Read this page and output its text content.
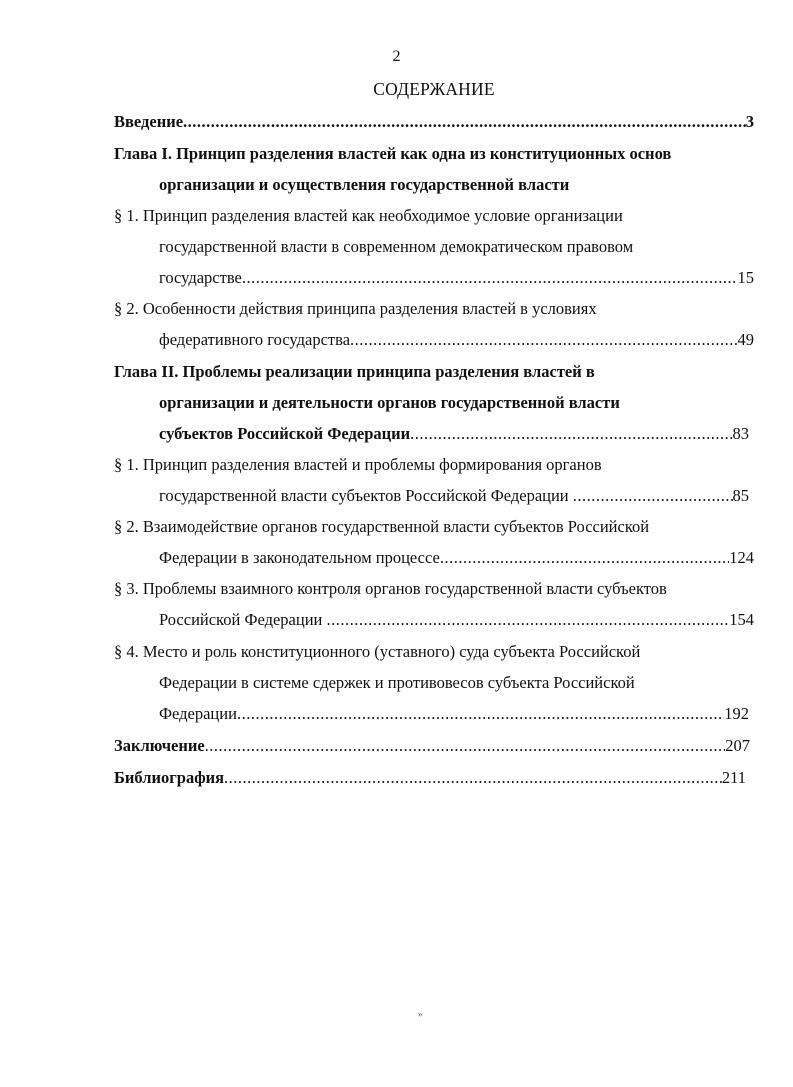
2
СОДЕРЖАНИЕ
Введение .....	3
Глава I. Принцип разделения властей как одна из конституционных основ
организации и осуществления государственной власти
§ 1. Принцип разделения властей как необходимое условие организации
государственной власти в современном демократическом правовом
государстве .....	15
§ 2. Особенности действия принципа разделения властей в условиях
федеративного государства .....	49
Глава II. Проблемы реализации принципа разделения властей в
организации и деятельности органов государственной власти
субъектов Российской Федерации .....	83
§ 1. Принцип разделения властей и проблемы формирования органов
государственной власти субъектов Российской Федерации .....	85
§ 2. Взаимодействие органов государственной власти субъектов Российской
Федерации в законодательном процессе .....	124
§ 3. Проблемы взаимного контроля органов государственной власти субъектов
Российской Федерации .....	154
§ 4. Место и роль конституционного (уставного) суда субъекта Российской
Федерации в системе сдержек и противовесов субъекта Российской
Федерации .....	192
Заключение .....	207
Библиография .....	211
»
